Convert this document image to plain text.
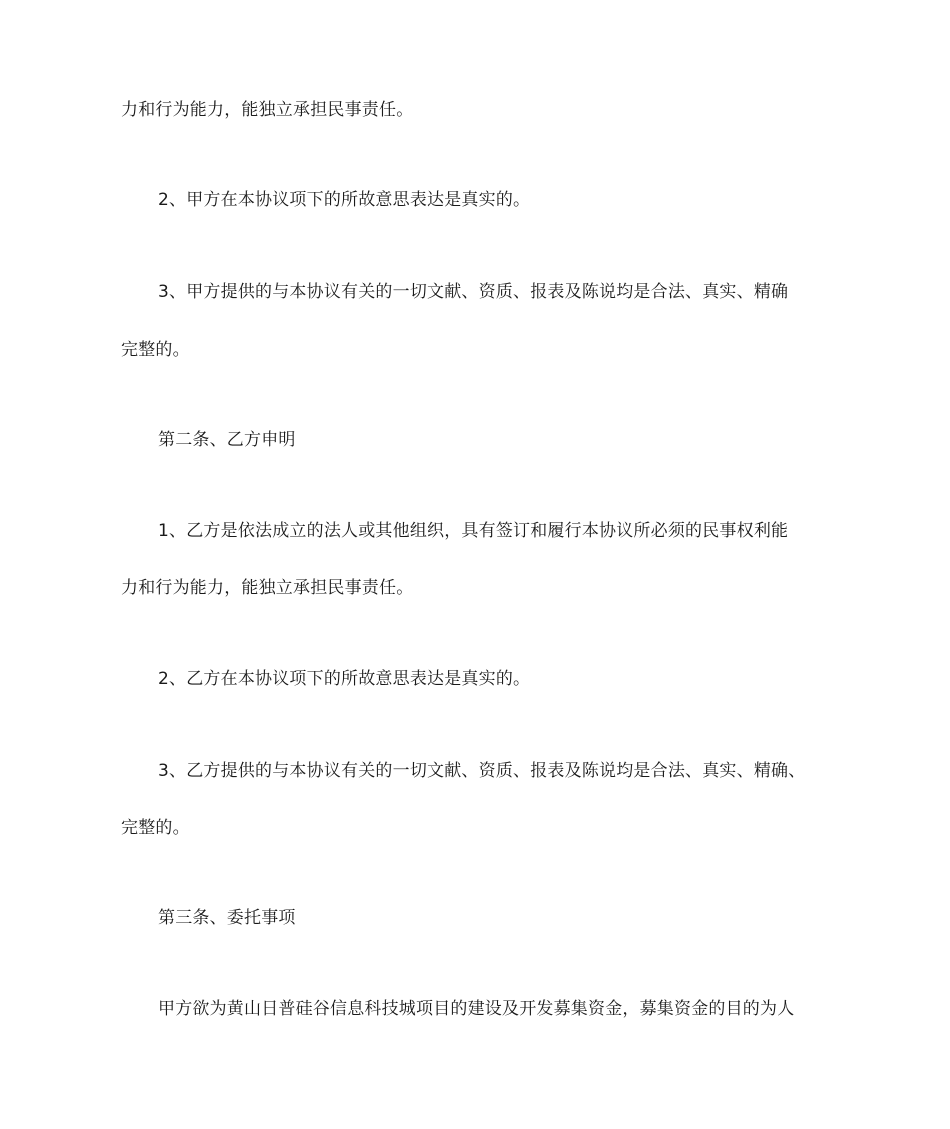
力和行为能力，能独立承担民事责任。
2、甲方在本协议项下的所故意思表达是真实的。
3、甲方提供的与本协议有关的一切文献、资质、报表及陈说均是合法、真实、精确
完整的。
第二条、乙方申明
1、乙方是依法成立的法人或其他组织，具有签订和履行本协议所必须的民事权利能
力和行为能力，能独立承担民事责任。
2、乙方在本协议项下的所故意思表达是真实的。
3、乙方提供的与本协议有关的一切文献、资质、报表及陈说均是合法、真实、精确、
完整的。
第三条、委托事项
甲方欲为黄山日普硅谷信息科技城项目的建设及开发募集资金，募集资金的目的为人
